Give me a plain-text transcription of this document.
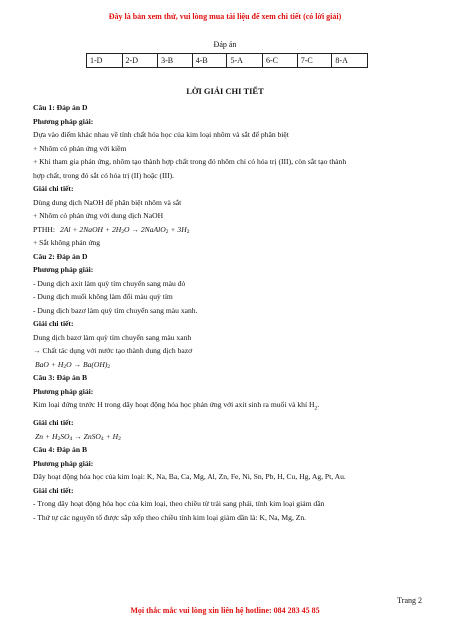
Đây là bản xem thử, vui lòng mua tài liệu để xem chi tiết (có lời giải)
Đáp án
1-D	2-D	3-B	4-B	5-A	6-C	7-C	8-A
LỜI GIẢI CHI TIẾT
Câu 1: Đáp án D
Phương pháp giải:
Dựa vào điểm khác nhau về tính chất hóa học của kim loại nhôm và sắt để phân biệt
+ Nhôm có phản ứng với kiềm
+ Khi tham gia phản ứng, nhôm tạo thành hợp chất trong đó nhôm chỉ có hóa trị (III), còn sắt tạo thành
hợp chất, trong đó sắt có hóa trị (II) hoặc (III).
Giải chi tiết:
Dùng dung dịch NaOH để phân biệt nhôm và sắt
+ Nhôm có phản ứng với dung dịch NaOH
PTHH: 2Al + 2NaOH + $2H_2O$ → 2NaAlO$_2$ + $3H_2$
+ Sắt không phản ứng
Câu 2: Đáp án D
Phương pháp giải:
- Dung dịch axit làm quỳ tím chuyển sang màu đỏ
- Dung dịch muối không làm đổi màu quỳ tím
- Dung dịch bazơ làm quỳ tím chuyển sang màu xanh.
Giải chi tiết:
Dung dịch bazơ làm quỳ tím chuyển sang màu xanh
→ Chất tác dụng với nước tạo thành dung dịch bazơ
BaO + $H_2O \to Ba(OH)_2$
Câu 3: Đáp án B
Phương pháp giải:
Kim loại đứng trước H trong dãy hoạt động hóa học phản ứng với axit sinh ra muối và khí $H_2$.
Giải chi tiết:
$Zn + H_2SO_4$ → ZnSO$_4$ + $H_2$
Câu 4: Đáp án B
Phương pháp giải:
Dãy hoạt động hóa học của kim loại: K, Na, Ba, Ca, Mg, Al, Zn, Fe, Ni, Sn, Pb, H, Cu, Hg, Ag, Pt, Au.
Giải chi tiết:
- Trong dãy hoạt động hóa học của kim loại, theo chiều từ trái sang phải, tính kim loại giảm dần
- Thứ tự các nguyên tố được sắp xếp theo chiều tính kim loại giảm dần là: K, Na, Mg, Zn.
Trang 2
Mọi thắc mắc vui lòng xin liên hệ hotline: 084 283 45 85
